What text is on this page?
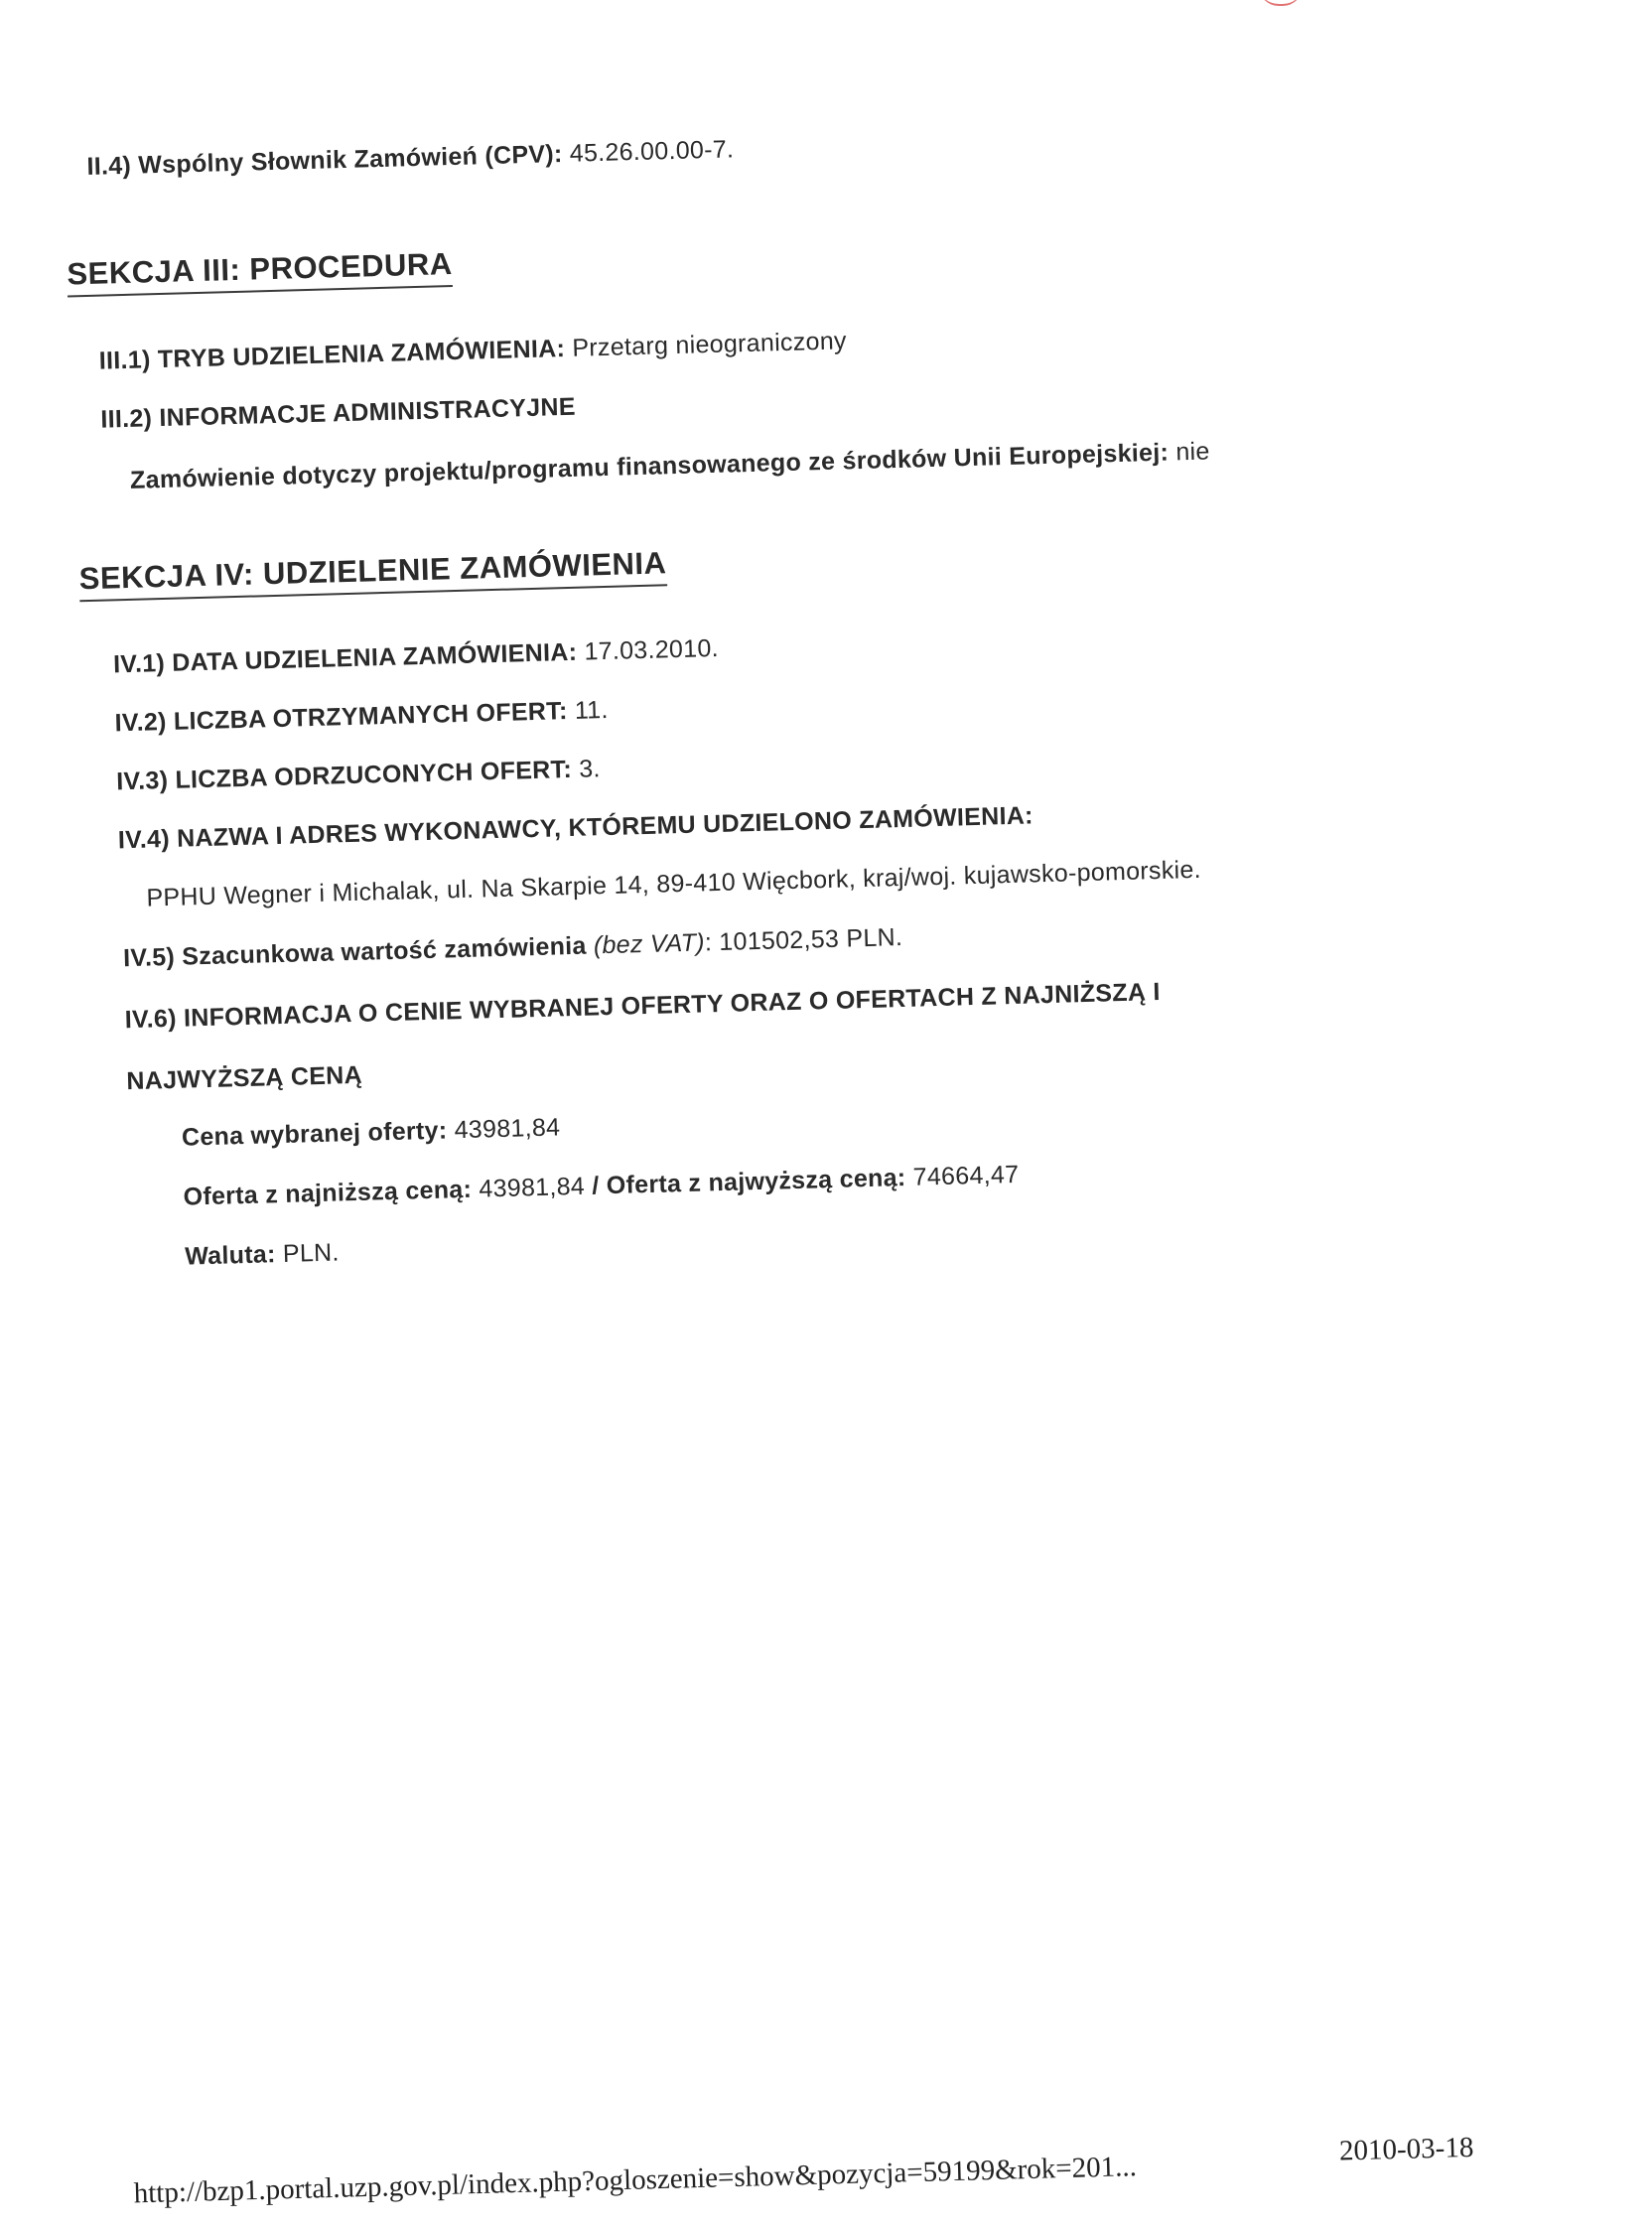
II.4) Wspólny Słownik Zamówień (CPV): 45.26.00.00-7.
SEKCJA III: PROCEDURA
III.1) TRYB UDZIELENIA ZAMÓWIENIA: Przetarg nieograniczony
III.2) INFORMACJE ADMINISTRACYJNE
Zamówienie dotyczy projektu/programu finansowanego ze środków Unii Europejskiej: nie
SEKCJA IV: UDZIELENIE ZAMÓWIENIA
IV.1) DATA UDZIELENIA ZAMÓWIENIA: 17.03.2010.
IV.2) LICZBA OTRZYMANYCH OFERT: 11.
IV.3) LICZBA ODRZUCONYCH OFERT: 3.
IV.4) NAZWA I ADRES WYKONAWCY, KTÓREMU UDZIELONO ZAMÓWIENIA:
PPHU Wegner i Michalak, ul. Na Skarpie 14, 89-410 Więcbork, kraj/woj. kujawsko-pomorskie.
IV.5) Szacunkowa wartość zamówienia (bez VAT): 101502,53 PLN.
IV.6) INFORMACJA O CENIE WYBRANEJ OFERTY ORAZ O OFERTACH Z NAJNIŻSZĄ I
NAJWYŻSZĄ CENĄ
Cena wybranej oferty: 43981,84
Oferta z najniższą ceną: 43981,84 / Oferta z najwyższą ceną: 74664,47
Waluta: PLN.
http://bzp1.portal.uzp.gov.pl/index.php?ogloszenie=show&pozycja=59199&rok=201...
2010-03-18
